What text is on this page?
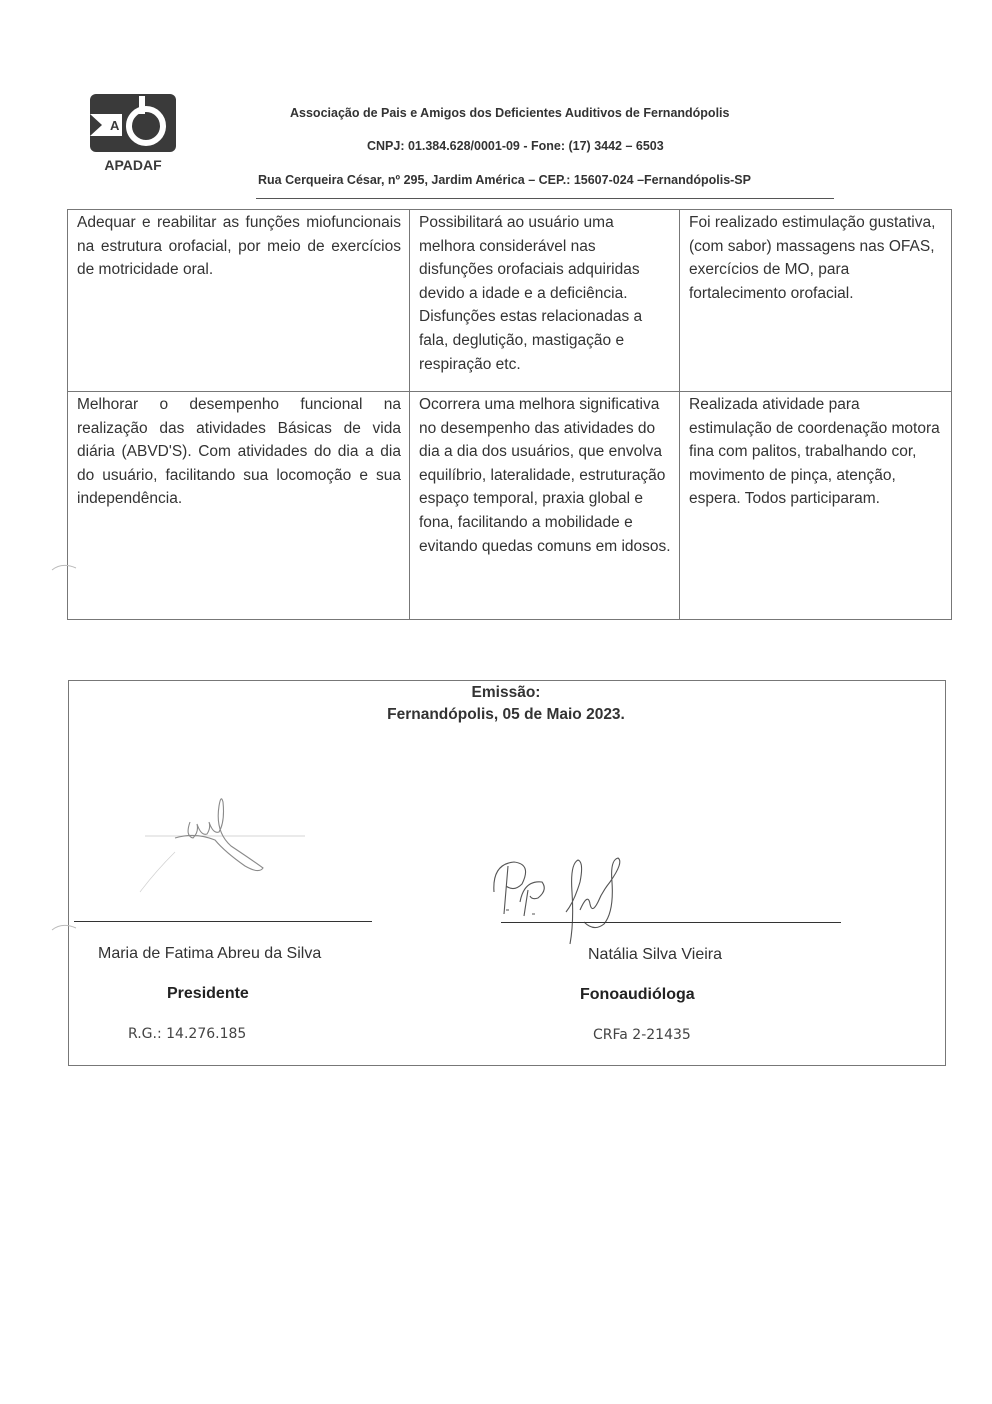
A
APADAF
Associação de Pais e Amigos dos Deficientes Auditivos de Fernandópolis
CNPJ: 01.384.628/0001-09 - Fone: (17) 3442 – 6503
Rua Cerqueira César, nº 295, Jardim América – CEP.: 15607-024 –Fernandópolis-SP
Adequar e reabilitar as funções miofuncionais na estrutura orofacial, por meio de exercícios de motricidade oral.	Possibilitará ao usuário uma melhora considerável nas disfunções orofaciais adquiridas devido a idade e a deficiência. Disfunções estas relacionadas a fala, deglutição, mastigação e respiração etc.	Foi realizado estimulação gustativa, (com sabor) massagens nas OFAS, exercícios de MO, para fortalecimento orofacial.
Melhorar o desempenho funcional na realização das atividades Básicas de vida diária (ABVD'S). Com atividades do dia a dia do usuário, facilitando sua locomoção e sua independência.	Ocorrera uma melhora significativa no desempenho das atividades do dia a dia dos usuários, que envolva equilíbrio, lateralidade, estruturação espaço temporal, praxia global e fona, facilitando a mobilidade e evitando quedas comuns em idosos.	Realizada atividade para estimulação de coordenação motora fina com palitos, trabalhando cor, movimento de pinça, atenção, espera. Todos participaram.
Emissão:
Fernandópolis, 05 de Maio 2023.
Maria de Fatima Abreu da Silva
Presidente
R.G.: 14.276.185
Natália Silva Vieira
Fonoaudióloga
CRFa 2-21435
